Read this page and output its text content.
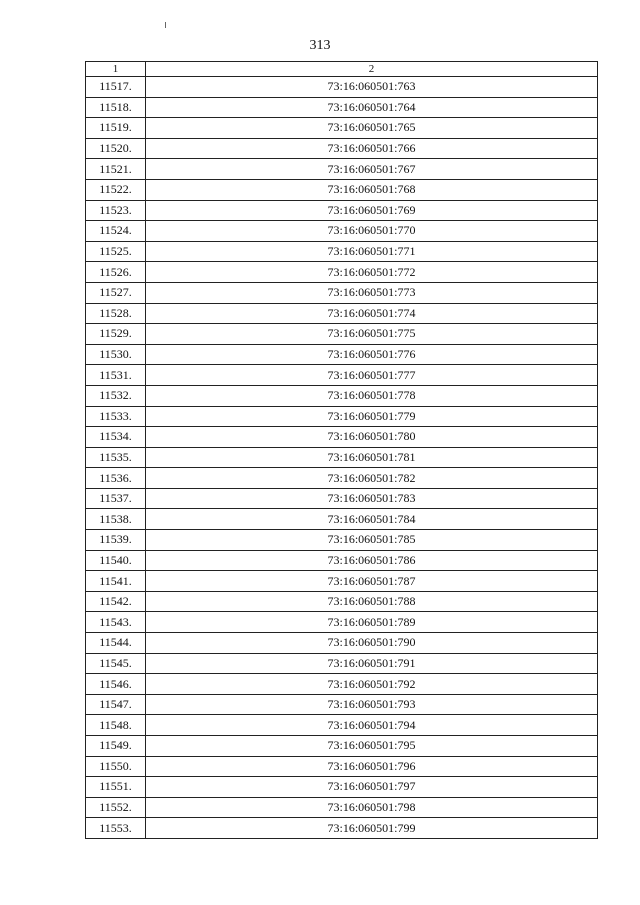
313
1	2
11517.	73:16:060501:763
11518.	73:16:060501:764
11519.	73:16:060501:765
11520.	73:16:060501:766
11521.	73:16:060501:767
11522.	73:16:060501:768
11523.	73:16:060501:769
11524.	73:16:060501:770
11525.	73:16:060501:771
11526.	73:16:060501:772
11527.	73:16:060501:773
11528.	73:16:060501:774
11529.	73:16:060501:775
11530.	73:16:060501:776
11531.	73:16:060501:777
11532.	73:16:060501:778
11533.	73:16:060501:779
11534.	73:16:060501:780
11535.	73:16:060501:781
11536.	73:16:060501:782
11537.	73:16:060501:783
11538.	73:16:060501:784
11539.	73:16:060501:785
11540.	73:16:060501:786
11541.	73:16:060501:787
11542.	73:16:060501:788
11543.	73:16:060501:789
11544.	73:16:060501:790
11545.	73:16:060501:791
11546.	73:16:060501:792
11547.	73:16:060501:793
11548.	73:16:060501:794
11549.	73:16:060501:795
11550.	73:16:060501:796
11551.	73:16:060501:797
11552.	73:16:060501:798
11553.	73:16:060501:799
